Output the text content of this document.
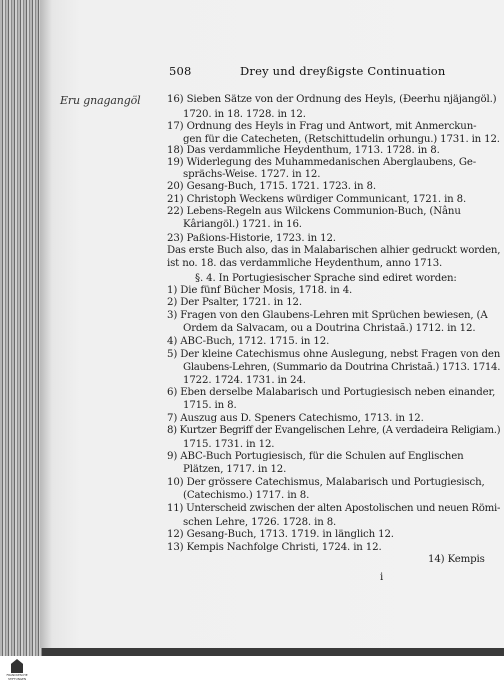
508	Drey und dreyßigste Continuation
Eru gnagangöl	16) Sieben Sätze von der Ordnung des Heyls, (Ðeerhu njäjangöl.)
1720. in 18. 1728. in 12.
17) Ordnung des Heyls in Frag und Antwort, mit Anmerckun-
gen für die Catecheten, (Retschittudelin orhungu.) 1731. in 12.
18) Das verdammliche Heydenthum, 1713. 1728. in 8.
19) Widerlegung des Muhammedanischen Aberglaubens, Ge-
sprächs-Weise. 1727. in 12.
20) Gesang-Buch, 1715. 1721. 1723. in 8.
21) Christoph Weckens würdiger Communicant, 1721. in 8.
22) Lebens-Regeln aus Wilckens Communion-Buch, (Nânu
Kâriangöl.) 1721. in 16.
23) Paßions-Historie, 1723. in 12.
Das erste Buch also, das in Malabarischen alhier gedruckt worden,
ist no. 18. das verdammliche Heydenthum, anno 1713.
§. 4. In Portugiesischer Sprache sind ediret worden:
1) Die fünf Bücher Mosis, 1718. in 4.
2) Der Psalter, 1721. in 12.
3) Fragen von den Glaubens-Lehren mit Sprüchen bewiesen, (A
Ordem da Salvacam, ou a Doutrina Christaã.) 1712. in 12.
4) ABC-Buch, 1712. 1715. in 12.
5) Der kleine Catechismus ohne Auslegung, nebst Fragen von den
Glaubens-Lehren, (Summario da Doutrina Christaã.) 1713. 1714.
1722. 1724. 1731. in 24.
6) Eben derselbe Malabarisch und Portugiesisch neben einander,
1715. in 8.
7) Auszug aus D. Speners Catechismo, 1713. in 12.
8) Kurtzer Begriff der Evangelischen Lehre, (A verdadeira Religiam.)
1715. 1731. in 12.
9) ABC-Buch Portugiesisch, für die Schulen auf Englischen
Plätzen, 1717. in 12.
10) Der grössere Catechismus, Malabarisch und Portugiesisch,
(Catechismo.) 1717. in 8.
11) Unterscheid zwischen der alten Apostolischen und neuen Römi-
schen Lehre, 1726. 1728. in 8.
12) Gesang-Buch, 1713. 1719. in länglich 12.
13) Kempis Nachfolge Christi, 1724. in 12.
14) Kempis
i
FRANCKESCHE STIFTUNGEN
